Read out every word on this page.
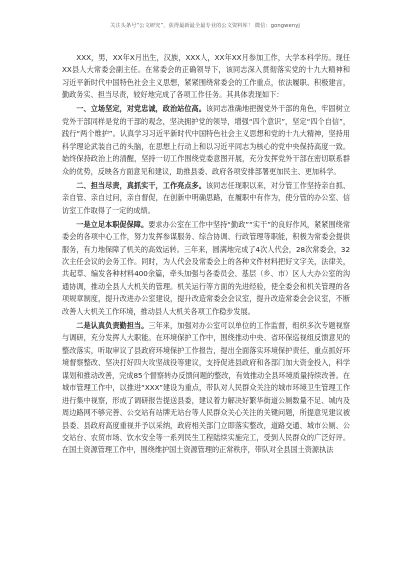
关注头条号“公文研究”，获得最新最全最专业的公文资料库！ 微信：gongwenyj

XXX，男，XX年X月出生，汉族，XXX人，XX年XX月参加工作，大学本科学历。现任XX县人大常委会副主任。在常委会的正确领导下，该同志深入贯彻落实党的十九大精神和习近平新时代中国特色社会主义思想，紧紧围绕常委会的工作重点，依法履职、积极建言，勤政务实、担当尽责，较好地完成了各项工作任务。其具体表现如下：

一、立场坚定，对党忠诚，政治站位高。该同志准确地把握党外干部的角色，牢固树立党外干部同样是党的干部的观念，坚决拥护党的领导，增强“四个意识”，坚定“四个自信”，践行“两个维护”。认真学习习近平新时代中国特色社会主义思想和党的十九大精神，坚持用科学理论武装自己的头脑，在思想上行动上和以习近平同志为核心的党中央保持高度一致。始终保持政治上的清醒，坚持一切工作围绕党委意图开展，充分发挥党外干部在密切联系群众的优势，反映各方面意见和建议，助推县委、政府各项安排部署更加民主、更加科学。

二、担当尽责，真抓实干，工作亮点多。该同志任现职以来，对分管工作坚持亲自抓、亲自管、亲自过问，亲自督促，在创新中明确思路，在履职中有作为，使分管的办公室、信访室工作取得了一定的成绩。

一是立足本职促保障。要求办公室在工作中坚持“勤政”“实干”的良好作风，紧紧围绕常委会的各项中心工作，努力发挥参谋服务、综合协调、行政管理等职能，积极为常委会提供服务，有力地保障了机关的高效运转。三年来，圆满地完成了4次人代会，28次常委会，32次主任会议的会务工作。同时，为人代会及常委会上的各种文件材料把好文字关，法律关，共起草、编发各种材料400余篇，牵头加强与各委员会、基层（乡、市）区人大办公室的沟通协调，推动全县人大机关的管理。机关运行等方面的先进经验，使全委会和机关管理的各项规章制度，提升改进办公室建设，提升改造常委会会议室，提升改造常委会会议室，不断改善人大机关工作环境，推动县人大机关各项工作稳步发展。

二是认真负责勤担当。三年来，加强对办公室可以单位的工作监督，组织多次专题视察与调研，充分发挥人大职能。在环境保护工作中，围绕推动中央、省环保巡视组反馈意见的整改落实，听取审议了县政府环境保护工作报告，提出全面落实环境保护责任，重点抓好环境督察整改、坚决打好四大攻坚战役等建议，支持促进县政府和各部门加大资金投入，科学谋划和推动改善，完成85个督察转办反馈问题的整改，有效推动全县环境质量持续改善。在城市管理工作中，以推进“XXX”建设为重点，带队对人民群众关注的城市环境卫生管理工作进行集中视察，形成了调研报告提送县委，建议着力解决好繁华街道公厕数量不足、城内及周边路网不够完善、公交站有站牌无站台等人民群众关心关注的关键问题，所提意见建议被县委、县政府高度重视并予以采纳，政府相关部门立即落实整改，道路交通、城市公厕、公交站台、农贸市场、饮水安全等一系列民生工程陆续实施完工，受到人民群众的广泛好评。在国土资源管理工作中，围绕维护国土资源管理的正常秩序，带队对全县国土资源执法
